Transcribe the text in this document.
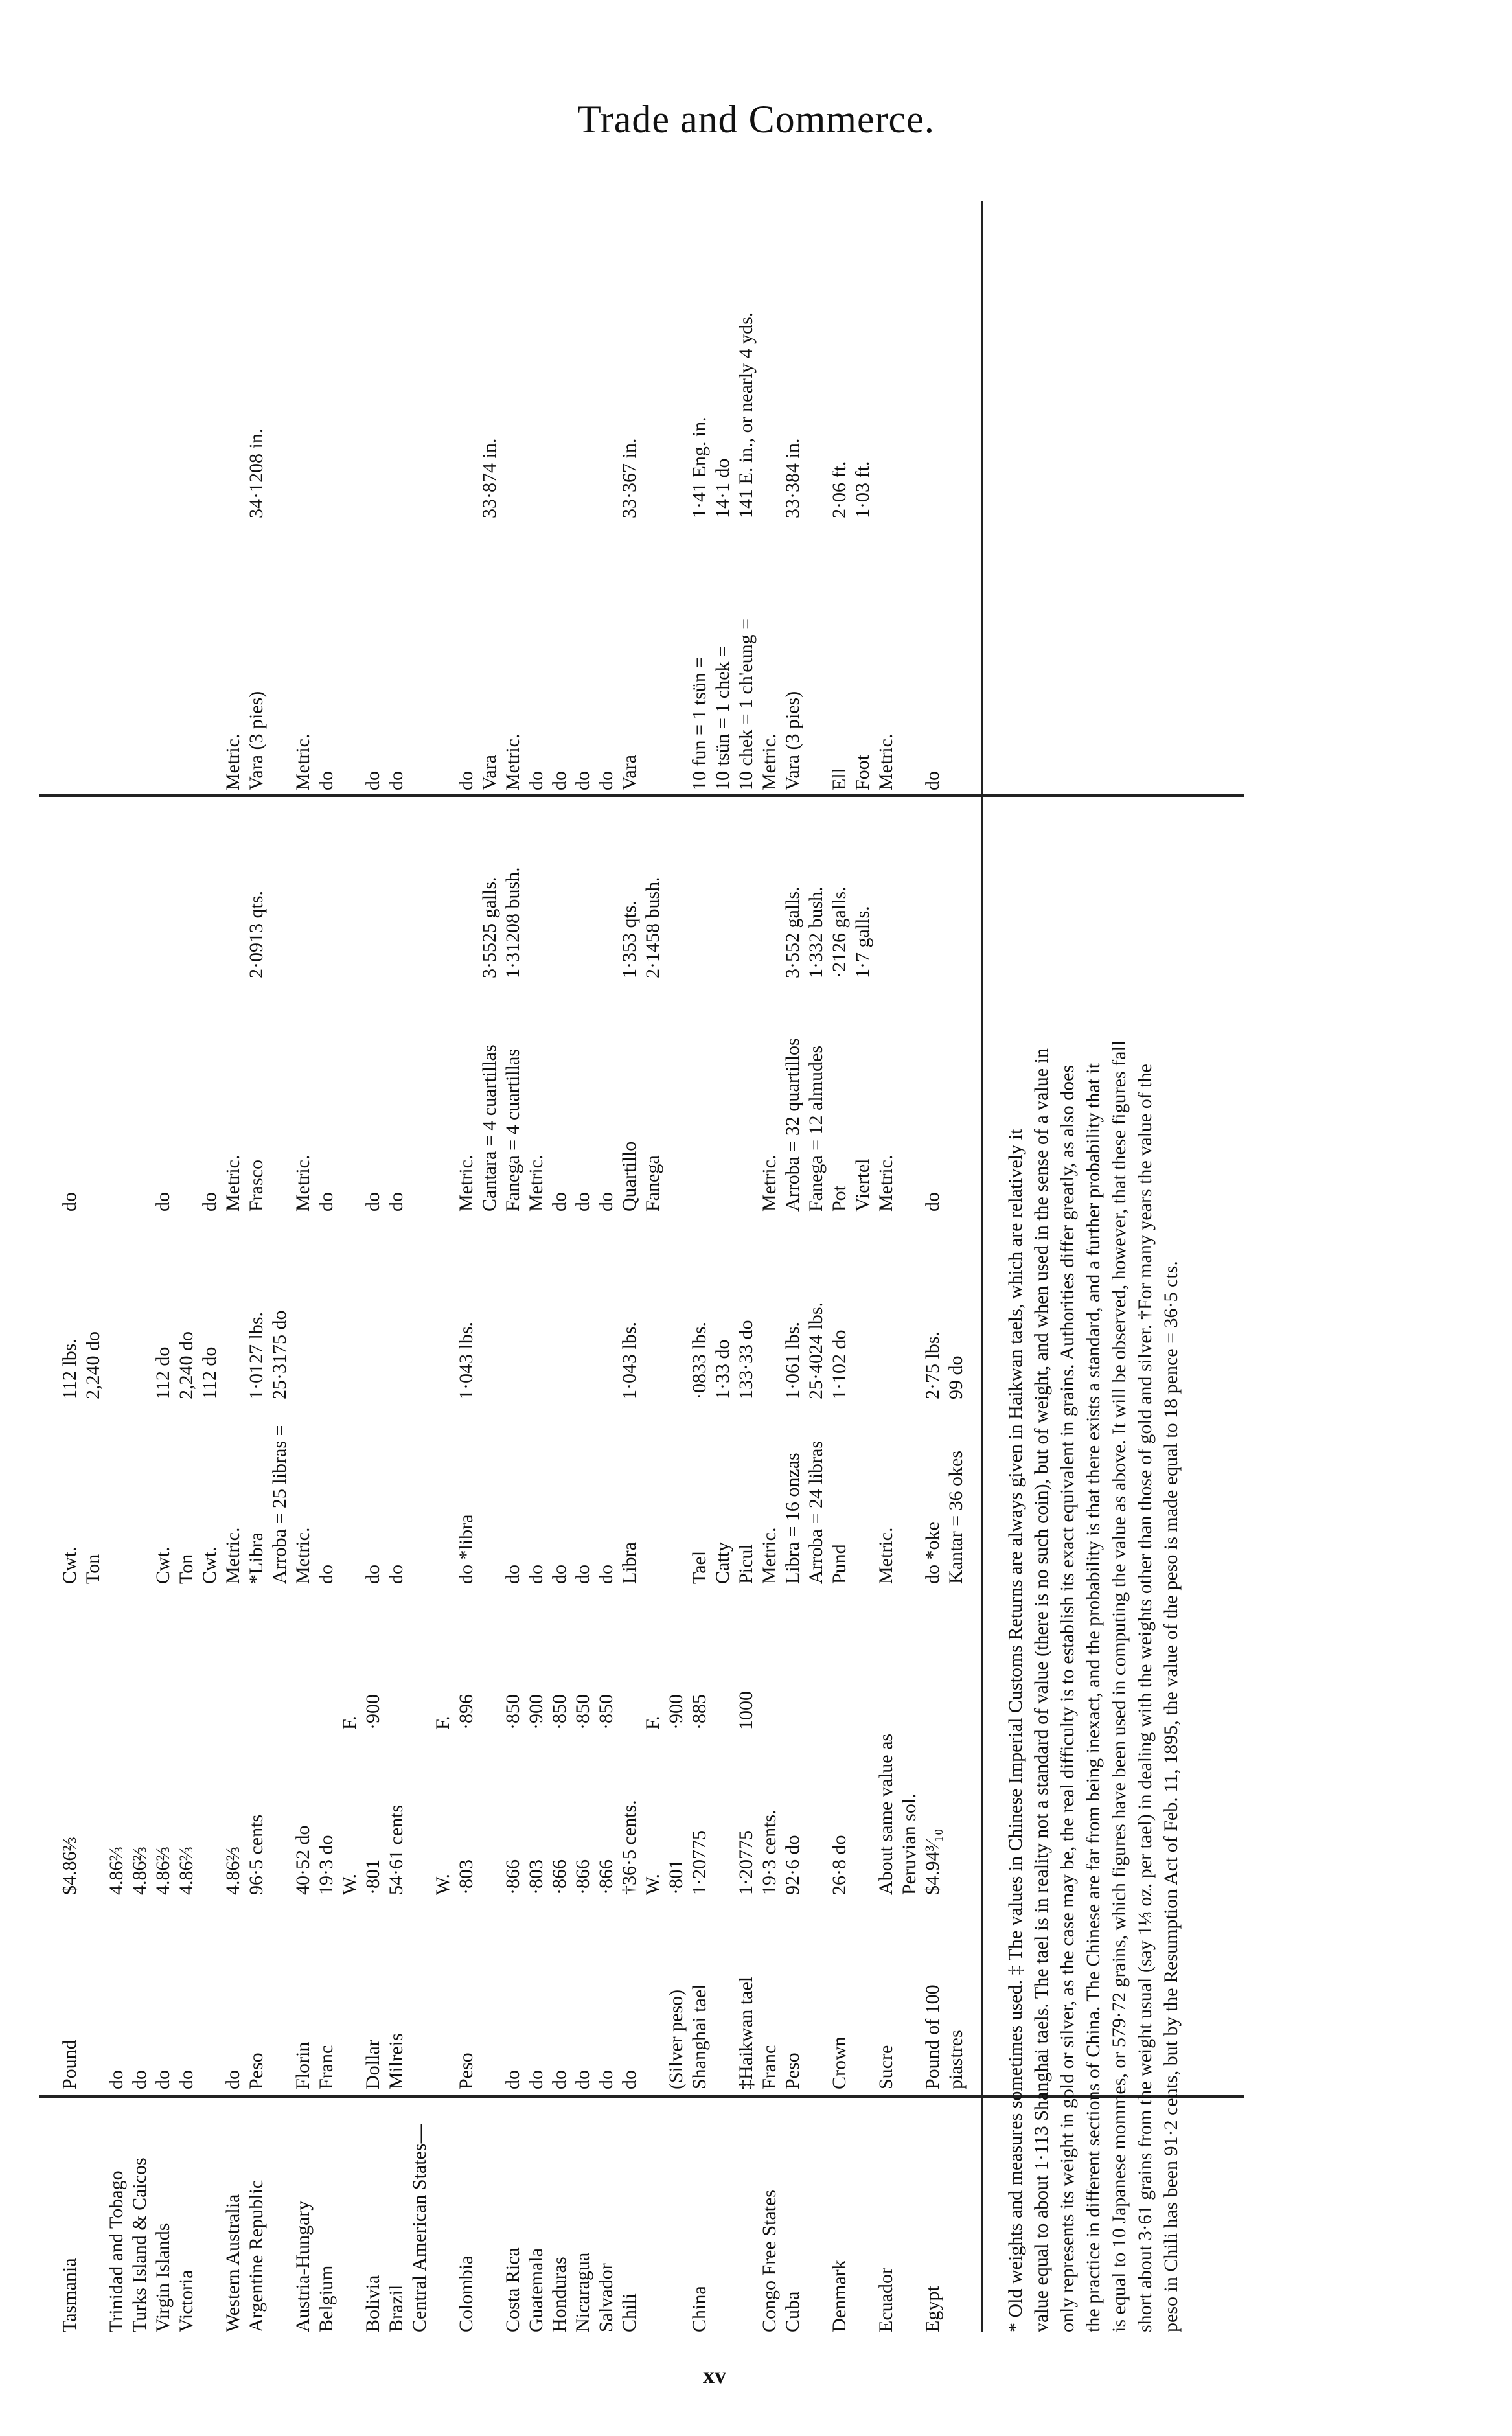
Trade and Commerce.
Tasmania
Pound
$4.86⅔
Cwt.
112 lbs.
do
Ton
2,240 do
Trinidad and Tobago
do
4.86⅔
Turks Island & Caicos
do
4.86⅔
Virgin Islands
do
4.86⅔
Cwt.
112 do
do
Victoria
do
4.86⅔
Ton
2,240 do
Cwt.
112 do
do
Western Australia
do
4.86⅔
Metric.
Metric.
Metric.
Argentine Republic
Peso
96·5 cents
*Libra
1·0127 lbs.
Frasco
2·0913 qts.
Vara (3 pies)
34·1208 in.
Arroba = 25 libras =
25·3175 do
Austria-Hungary
Florin
40·52 do
Metric.
Metric.
Metric.
Belgium
Franc
19·3 do
do
do
do
W.
F.
Bolivia
Dollar
·801
·900
do
do
do
Brazil
Milreis
54·61 cents
do
do
do
Central American States—
W.
F.
Colombia
Peso
·803
·896
do *libra
1·043 lbs.
Metric.
do
Cantara = 4 cuartillas
3·5525 galls.
Vara
33·874 in.
Costa Rica
do
·866
·850
do
Fanega = 4 cuartillas
1·31208 bush.
Metric.
Guatemala
do
·803
·900
do
Metric.
do
Honduras
do
·866
·850
do
do
do
Nicaragua
do
·866
·850
do
do
do
Salvador
do
·866
·850
do
do
do
Chili
do
†36·5 cents.
Libra
1·043 lbs.
Quartillo
1·353 qts.
Vara
33·367 in.
W.
F.
Fanega
2·1458 bush.
(Silver peso)
·801
·900
China
Shanghai tael
1·20775
·885
Tael
·0833 lbs.
10 fun = 1 tsün =
1·41 Eng. in.
Catty
1·33 do
10 tsün = 1 chek =
14·1 do
‡Haikwan tael
1·20775
1000
Picul
133·33 do
10 chek = 1 ch'eung =
141 E. in., or nearly 4 yds.
Congo Free States
Franc
19·3 cents.
Metric.
Metric.
Metric.
Cuba
Peso
92·6 do
Libra = 16 onzas
1·061 lbs.
Arroba = 32 quartillos
3·552 galls.
Vara (3 pies)
33·384 in.
Arroba = 24 libras
25·4024 lbs.
Fanega = 12 almudes
1·332 bush.
Denmark
Crown
26·8 do
Pund
1·102 do
Pot
·2126 galls.
Ell
2·06 ft.
Viertel
1·7 galls.
Foot
1·03 ft.
Ecuador
Sucre
About same value as
Metric.
Metric.
Metric.
Peruvian sol.
Egypt
Pound of 100
$4.94³⁄₁₀
do *oke
2·75 lbs.
do
do
piastres
Kantar = 36 okes
99 do * Old weights and measures sometimes used. ‡ The values in Chinese Imperial Customs Returns are always given in Haikwan taels, which are relatively it value equal to about 1·113 Shanghai taels. The tael is in reality not a standard of value (there is no such coin), but of weight, and when used in the sense of a value in only represents its weight in gold or silver, as the case may be, the real difficulty is to establish its exact equivalent in grains. Authorities differ greatly, as also does the practice in different sections of China. The Chinese are far from being inexact, and the probability is that there exists a standard, and a further probability that it is equal to 10 Japanese mommes, or 579·72 grains, which figures have been used in computing the value as above. It will be observed, however, that these figures fall short about 3·61 grains from the weight usual (say 1⅓ oz. per tael) in dealing with the weights other than those of gold and silver. †For many years the value of the peso in Chili has been 91·2 cents, but by the Resumption Act of Feb. 11, 1895, the value of the peso is made equal to 18 pence = 36·5 cts.
xv
